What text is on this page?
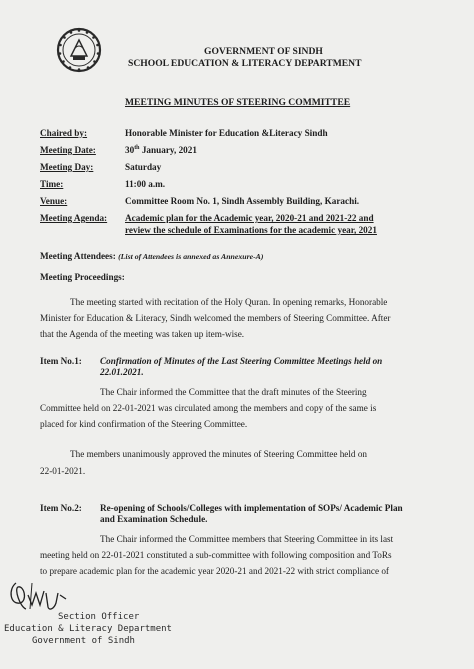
GOVERNMENT OF SINDH
SCHOOL EDUCATION & LITERACY DEPARTMENT
MEETING MINUTES OF STEERING COMMITTEE
Chaired by:	Honorable Minister for Education &Literacy Sindh
Meeting Date:	30th January, 2021
Meeting Day:	Saturday
Time:	11:00 a.m.
Venue:	Committee Room No. 1, Sindh Assembly Building, Karachi.
Meeting Agenda: Academic plan for the Academic year, 2020-21 and 2021-22 and
review the schedule of Examinations for the academic year, 2021
Meeting Attendees: (List of Attendees is annexed as Annexure-A)
Meeting Proceedings:
The meeting started with recitation of the Holy Quran. In opening remarks, Honorable
Minister for Education & Literacy, Sindh welcomed the members of Steering Committee. After
that the Agenda of the meeting was taken up item-wise.
Item No.1: Confirmation of Minutes of the Last Steering Committee Meetings held on
22.01.2021.
The Chair informed the Committee that the draft minutes of the Steering
Committee held on 22-01-2021 was circulated among the members and copy of the same is
placed for kind confirmation of the Steering Committee.
The members unanimously approved the minutes of Steering Committee held on
22-01-2021.
Item No.2: Re-opening of Schools/Colleges with implementation of SOPs/ Academic Plan
and Examination Schedule.
The Chair informed the Committee members that Steering Committee in its last
meeting held on 22-01-2021 constituted a sub-committee with following composition and ToRs
to prepare academic plan for the academic year 2020-21 and 2021-22 with strict compliance of
Section Officer
Education & Literacy Department
Government of Sindh
